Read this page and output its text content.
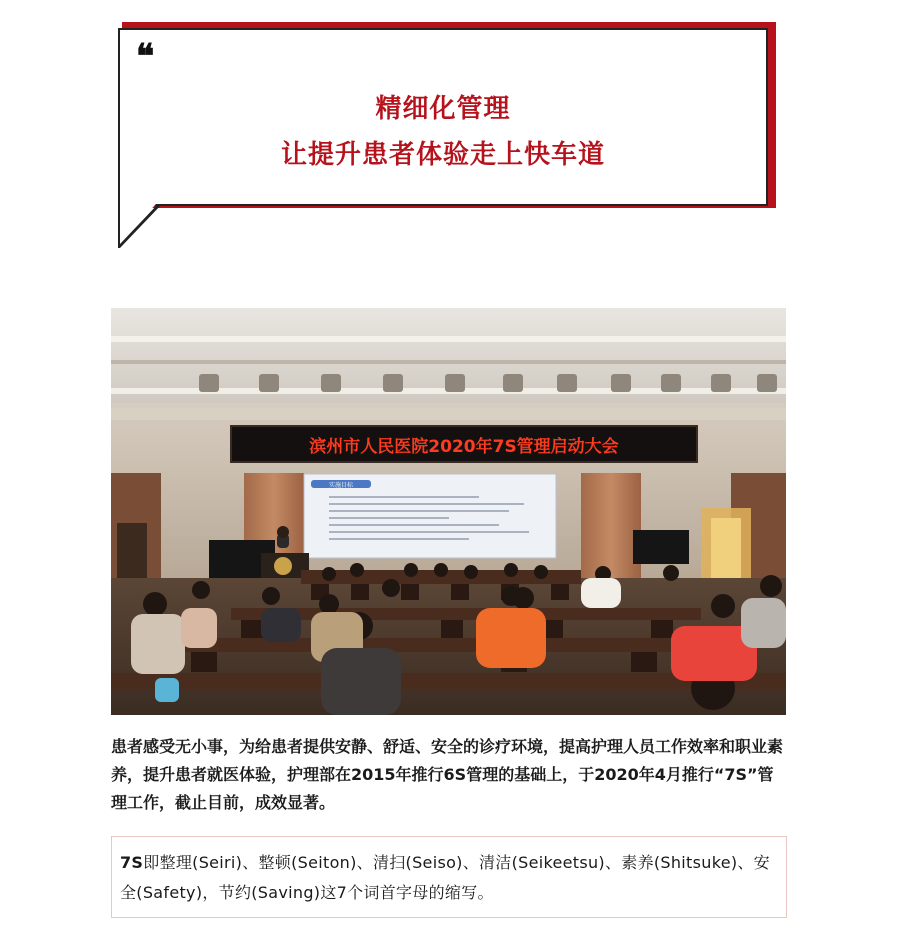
❝
精细化管理
让提升患者体验走上快车道
滨州市人民医院2020年7S管理启动大会
实施目标
患者感受无小事，为给患者提供安静、舒适、安全的诊疗环境，提高护理人员工作效率和职业素养，提升患者就医体验，护理部在2015年推行6S管理的基础上，于2020年4月推行“7S”管理工作，截止目前，成效显著。
7S即整理(Seiri)、整顿(Seiton)、清扫(Seiso)、清洁(Seikeetsu)、素养(Shitsuke)、安全(Safety)，节约(Saving)这7个词首字母的缩写。
